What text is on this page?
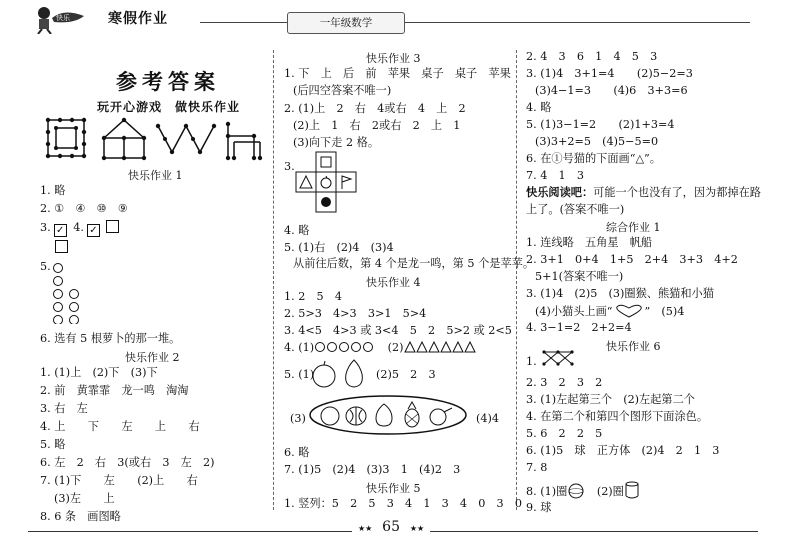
快乐	寒假作业	一年级数学
参考答案
玩开心游戏　做快乐作业
快乐作业 1
1. 略
2. ①　④　⑩　⑨
3. ✓ 4. ✓
5.
6. 选有 5 根萝卜的那一堆。
快乐作业 2
1. (1)上　(2)下　(3)下
2. 前　黄霏霏　龙一鸣　淘淘
3. 右　左
4. 上　　下　　左　　上　　右
5. 略
6. 左　2　右　3(或右　3　左　2)
7. (1)下　　左　　(2)上　　右
(3)左　　上
8. 6 条　画图略
快乐作业 3
1. 下　上　后　前　苹果　桌子　桌子　苹果
(后四空答案不唯一)
2. (1)上　2　右　4或右　4　上　2
(2)上　1　右　2或右　2　上　1
(3)向下走 2 格。
3.
4. 略
5. (1)右　(2)4　(3)4
从前往后数，第 4 个是龙一鸣，第 5 个是苹苹。
快乐作业 4
1. 2　5　4
2. 5>3　4>3　3>1　5>4
3. 4<5　4>3 或 3<4　5　2　5>2 或 2<5
4. (1)	(2)
5. (1)	(2)5　2　3
(3)	(4)4
6. 略
7. (1)5　(2)4　(3)3　1　(4)2　3
快乐作业 5
1. 竖列：5　2　5　3　4　1　3　4　0　3　0
2. 4　3　6　1　4　5　3
3. (1)4　3+1=4　　(2)5−2=3
(3)4−1=3　　(4)6　3+3=6
4. 略
5. (1)3−1=2　　(2)1+3=4
(3)3+2=5　(4)5−5=0
6. 在①号猫的下面画“△”。
7. 4　1　3
快乐阅读吧：可能一个也没有了，因为都掉在路
上了。(答案不唯一)
综合作业 1
1. 连线略　五角星　帆船
2. 3+1　0+4　1+5　2+4　3+3　4+2
5+1(答案不唯一)
3. (1)4　(2)5　(3)圈猴、熊猫和小猫
(4)小猫头上画“	”　(5)4
4. 3−1=2　2+2=4
快乐作业 6
1.
2. 3　2　3　2
3. (1)左起第三个　(2)左起第二个
4. 在第二个和第四个图形下面涂色。
5. 6　2　2　5
6. (1)5　球　正方体　(2)4　2　1　3
7. 8
8. (1)圈	(2)圈
9. 球
★★ 65 ★★
